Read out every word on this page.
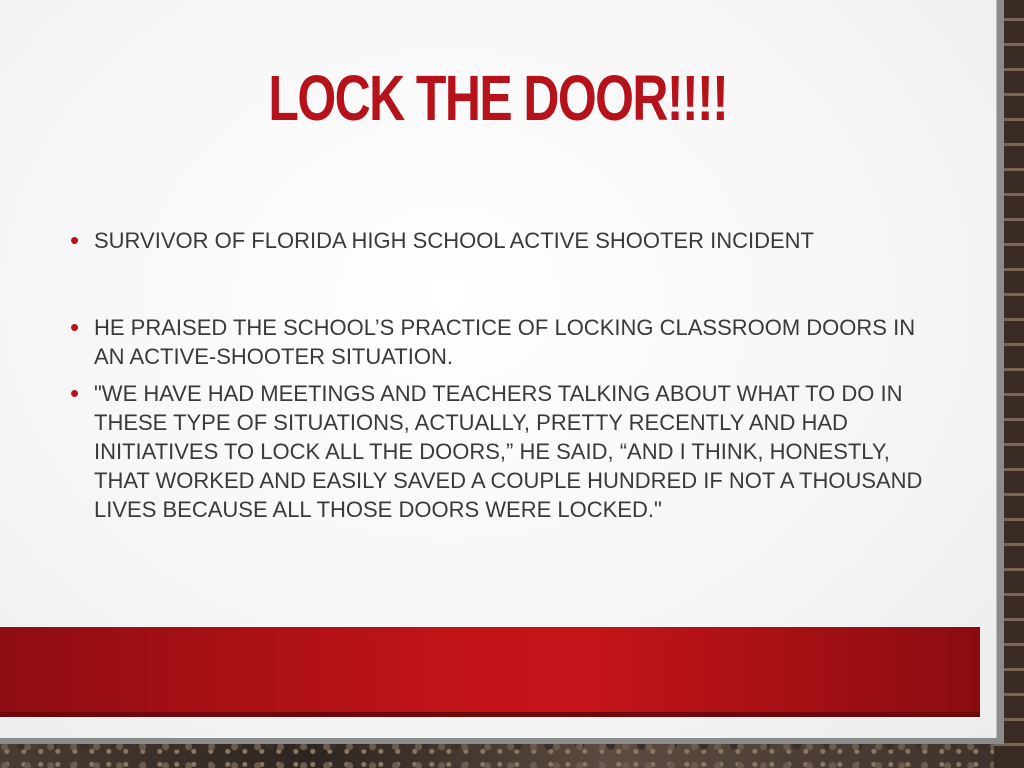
LOCK THE DOOR!!!!
• SURVIVOR OF FLORIDA HIGH SCHOOL ACTIVE SHOOTER INCIDENT
• HE PRAISED THE SCHOOL’S PRACTICE OF LOCKING CLASSROOM DOORS IN AN ACTIVE-SHOOTER SITUATION.
• "WE HAVE HAD MEETINGS AND TEACHERS TALKING ABOUT WHAT TO DO IN THESE TYPE OF SITUATIONS, ACTUALLY, PRETTY RECENTLY AND HAD INITIATIVES TO LOCK ALL THE DOORS,” HE SAID, “AND I THINK, HONESTLY, THAT WORKED AND EASILY SAVED A COUPLE HUNDRED IF NOT A THOUSAND LIVES BECAUSE ALL THOSE DOORS WERE LOCKED."
